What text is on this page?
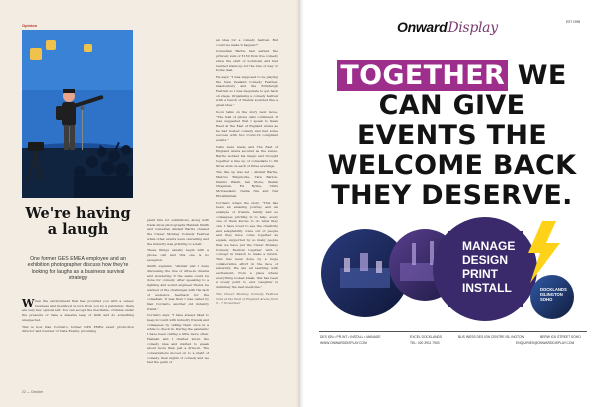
Opinion
We're having a laugh

One former GES EMEA employee and an exhibition photographer discuss how they're looking for laughs as a business survival strategy

When the environment that has provided you with a career, business and livelihood is torn from you by a pandemic, there are very few options left. You can accept the inevitable, crumble under the pressure or take a massive leap of faith and do something unexpected.

This is how Dan Cordeiro, former GES EMEA event production director and founder of Vista Events, providing

22 — October

plant hire for exhibitions, along with trade show photography Hannah Smith and comedian Alistair Barrie created the Clever Monkey Comedy Festival when other events were cancelling and the industry was grinding to a halt.

These things usually begin with a phone call and this one is no exception.

Smith explains: "Alistair and I were discussing the rise of drive-in cinema and wondering if the same could be done for comedy. After speaking to a lighting and sound engineer friend, he warned of the challenges with the lack of audience feedback for the comedian. It was then I was called by Dan Cordeiro, another old industry friend."

Cordeiro says: "I have always liked to keep in touch with industry friends and colleagues by calling them once in a while to check in. During the pandemic I have been calling a little more often. Hannah and I chatted about the comedy idea and started to speak about more than just a drive-in. The conversations moved on to a night of comedy, then nights of comedy and we had the germ of

an idea for a comedy festival. But could we make it happen?"

Comedian Barrie had earned the princely sum of £150 from live comedy since the start of lockdown and had resided stand-up for the rule of way or home deal.

He says: "I was supposed to be playing the New Zealand Comedy Festival, Glastonbury and the Edinburgh Festival so I was desperate to get back on stage. Organising a comedy festival with a bunch of friends sounded like a great idea."

Soon talks on the story next move. "The trail of phone calls continued. It was suggested that I speak to Dean Reed at the East of England Arena as he had hosted comedy and had some success with two Covid-19 compliant events."

Calls were made and The East of England Arena secured as the venue. Barrie worked his magic and brought together a line up of comedians to fill three slots on each of three evenings.

The line up was set – Alistair Barrie, Marcus Brigstocke, Tara Barton, Dennis Walsh, Ian Stone, Stefan Chapman, Ed Byrne, Chris McCausland, Nadia Nia and Nat Ebrahimibeh.

Cordeiro wraps the story: "This has been an amazing journey and an example of friends, family and ex colleagues pitching in to help, every one of them knows to do what they can. I have loved to see the creativity and adaptability come out of people and they have come together as equals, supported by so many people that we have put the Clever Monkey Comedy Festival together with a concept in branch to make a return. This has been done by a huge collaborative effort in the face of adversity. We are all learning with excitement, from a place where everything looked bleak, this has been a lovely point to end. Laughter is definitely the best medicine."

The Clever Monkey Comedy Festival runs at the East of England Arena from 5 - 7 November

OnwardDisplay	EST 1995
TOGETHER WE CAN GIVE EVENTS THE WELCOME BACK THEY DESERVE.
MANAGE
DESIGN
PRINT
INSTALL	DOCKLANDS
ISLINGTON
SOHO
DES IGN • PR INT • INSTALL • MANAGE	EXCEL DOCKLANDS	BUS INESS DES IGN CENTRE ISL INGTON	BERW ICK STREET SOHO
WWW.ONWARDDISPLAY.COM	TEL: 020 3911 7900	ENQUIRIES@ONWARDDISPLAY.COM
